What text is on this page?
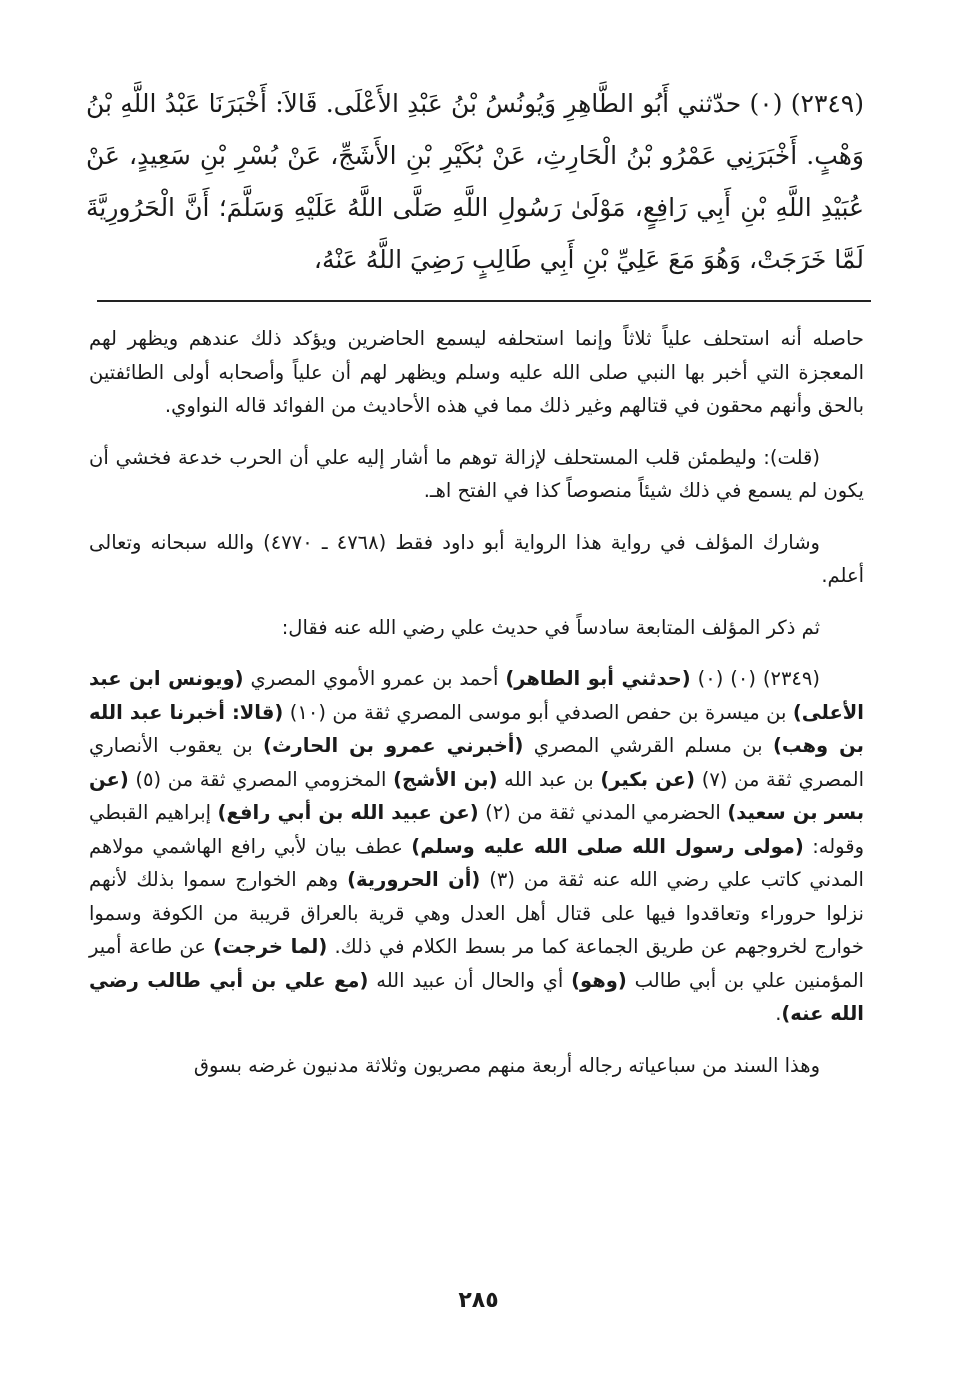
(٢٣٤٩) (٠) حدّثني أَبُو الطَّاهِرِ وَيُونُسُ بْنُ عَبْدِ الأَعْلَى. قَالاَ: أَخْبَرَنَا عَبْدُ اللَّهِ بْنُ وَهْبٍ. أَخْبَرَنِي عَمْرُو بْنُ الْحَارِثِ، عَنْ بُكَيْرِ بْنِ الأَشَجِّ، عَنْ بُسْرِ بْنِ سَعِيدٍ، عَنْ عُبَيْدِ اللَّهِ بْنِ أَبِي رَافِعٍ، مَوْلَىٰ رَسُولِ اللَّهِ صَلَّى اللَّهُ عَلَيْهِ وَسَلَّمَ؛ أَنَّ الْحَرُورِيَّةَ لَمَّا خَرَجَتْ، وَهُوَ مَعَ عَلِيِّ بْنِ أَبِي طَالِبٍ رَضِيَ اللَّهُ عَنْهُ،

حاصله أنه استحلف علياً ثلاثاً وإنما استحلفه ليسمع الحاضرين ويؤكد ذلك عندهم ويظهر لهم المعجزة التي أخبر بها النبي صلى الله عليه وسلم ويظهر لهم أن علياً وأصحابه أولى الطائفتين بالحق وأنهم محقون في قتالهم وغير ذلك مما في هذه الأحاديث من الفوائد قاله النواوي.

(قلت): وليطمئن قلب المستحلف لإزالة توهم ما أشار إليه علي أن الحرب خدعة فخشي أن يكون لم يسمع في ذلك شيئاً منصوصاً كذا في الفتح اهـ.

وشارك المؤلف في رواية هذا الرواية أبو داود فقط (٤٧٦٨ ـ ٤٧٧٠) والله سبحانه وتعالى أعلم.

ثم ذكر المؤلف المتابعة سادساً في حديث علي رضي الله عنه فقال:

(٢٣٤٩) (٠) (٠) (حدثني أبو الطاهر) أحمد بن عمرو الأموي المصري (ويونس ابن عبد الأعلى) بن ميسرة بن حفص الصدفي أبو موسى المصري ثقة من (١٠) (قالا: أخبرنا عبد الله بن وهب) بن مسلم القرشي المصري (أخبرني عمرو بن الحارث) بن يعقوب الأنصاري المصري ثقة من (٧) (عن بكير) بن عبد الله (بن الأشج) المخزومي المصري ثقة من (٥) (عن بسر بن سعيد) الحضرمي المدني ثقة من (٢) (عن عبيد الله بن أبي رافع) إبراهيم القبطي وقوله: (مولى رسول الله صلى الله عليه وسلم) عطف بيان لأبي رافع الهاشمي مولاهم المدني كاتب علي رضي الله عنه ثقة من (٣) (أن الحرورية) وهم الخوارج سموا بذلك لأنهم نزلوا حروراء وتعاقدوا فيها على قتال أهل العدل وهي قرية بالعراق قريبة من الكوفة وسموا خوارج لخروجهم عن طريق الجماعة كما مر بسط الكلام في ذلك. (لما خرجت) عن طاعة أمير المؤمنين علي بن أبي طالب (وهو) أي والحال أن عبيد الله (مع علي بن أبي طالب رضي الله عنه).

وهذا السند من سباعياته رجاله أربعة منهم مصريون وثلاثة مدنيون غرضه بسوق

٢٨٥
